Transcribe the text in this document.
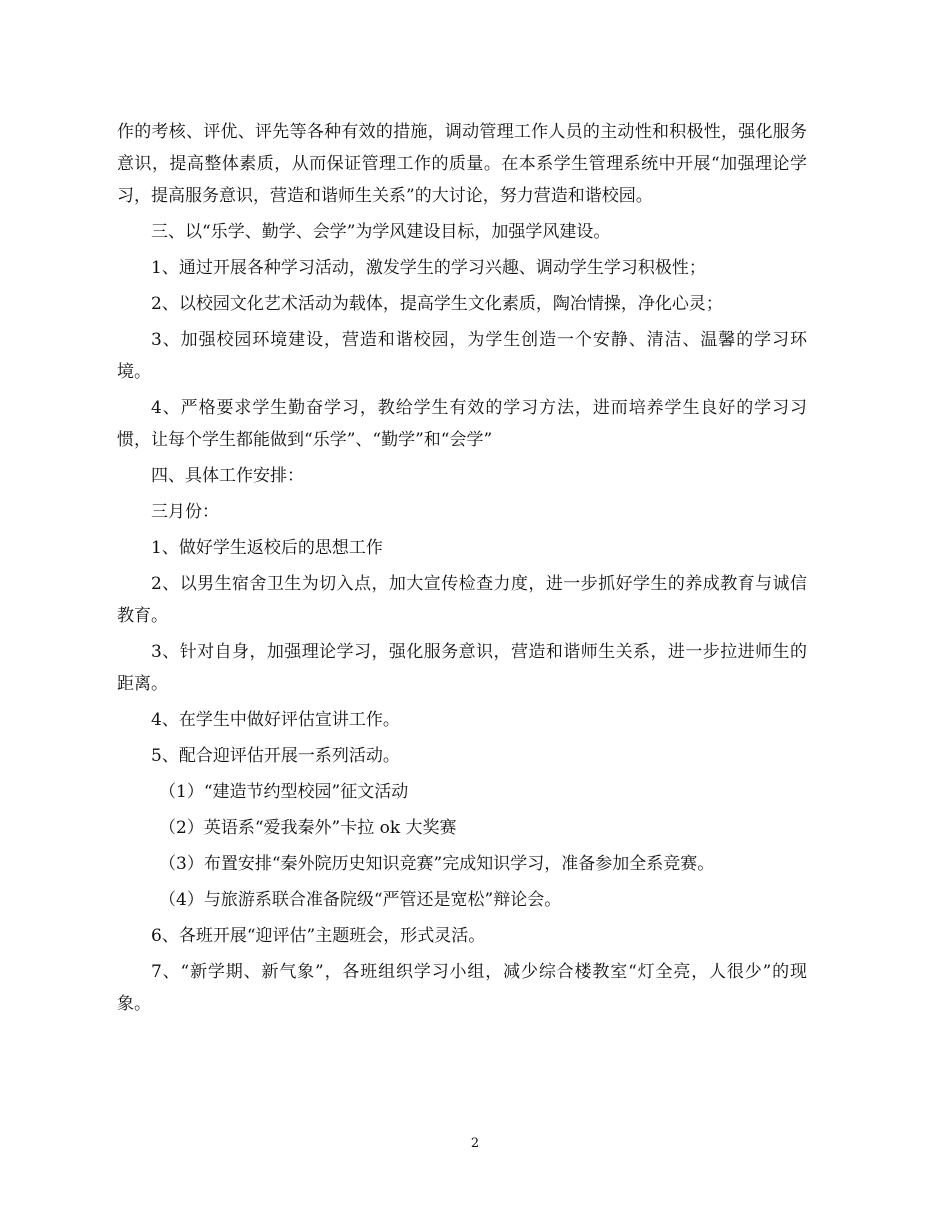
作的考核、评优、评先等各种有效的措施，调动管理工作人员的主动性和积极性，强化服务意识，提高整体素质，从而保证管理工作的质量。在本系学生管理系统中开展“加强理论学习，提高服务意识，营造和谐师生关系”的大讨论，努力营造和谐校园。

三、以“乐学、勤学、会学”为学风建设目标，加强学风建设。

1、通过开展各种学习活动，激发学生的学习兴趣、调动学生学习积极性；

2、以校园文化艺术活动为载体，提高学生文化素质，陶冶情操，净化心灵；

3、加强校园环境建设，营造和谐校园，为学生创造一个安静、清洁、温馨的学习环境。

4、严格要求学生勤奋学习，教给学生有效的学习方法，进而培养学生良好的学习习惯，让每个学生都能做到“乐学”、“勤学”和“会学”

四、具体工作安排：

三月份：

1、做好学生返校后的思想工作

2、以男生宿舍卫生为切入点，加大宣传检查力度，进一步抓好学生的养成教育与诚信教育。

3、针对自身，加强理论学习，强化服务意识，营造和谐师生关系，进一步拉进师生的距离。

4、在学生中做好评估宣讲工作。

5、配合迎评估开展一系列活动。

（1）“建造节约型校园”征文活动

（2）英语系“爱我秦外”卡拉 ok 大奖赛

（3）布置安排“秦外院历史知识竞赛”完成知识学习，准备参加全系竞赛。

（4）与旅游系联合准备院级“严管还是宽松”辩论会。

6、各班开展“迎评估”主题班会，形式灵活。

7、“新学期、新气象”，各班组织学习小组，减少综合楼教室“灯全亮，人很少”的现象。

2
